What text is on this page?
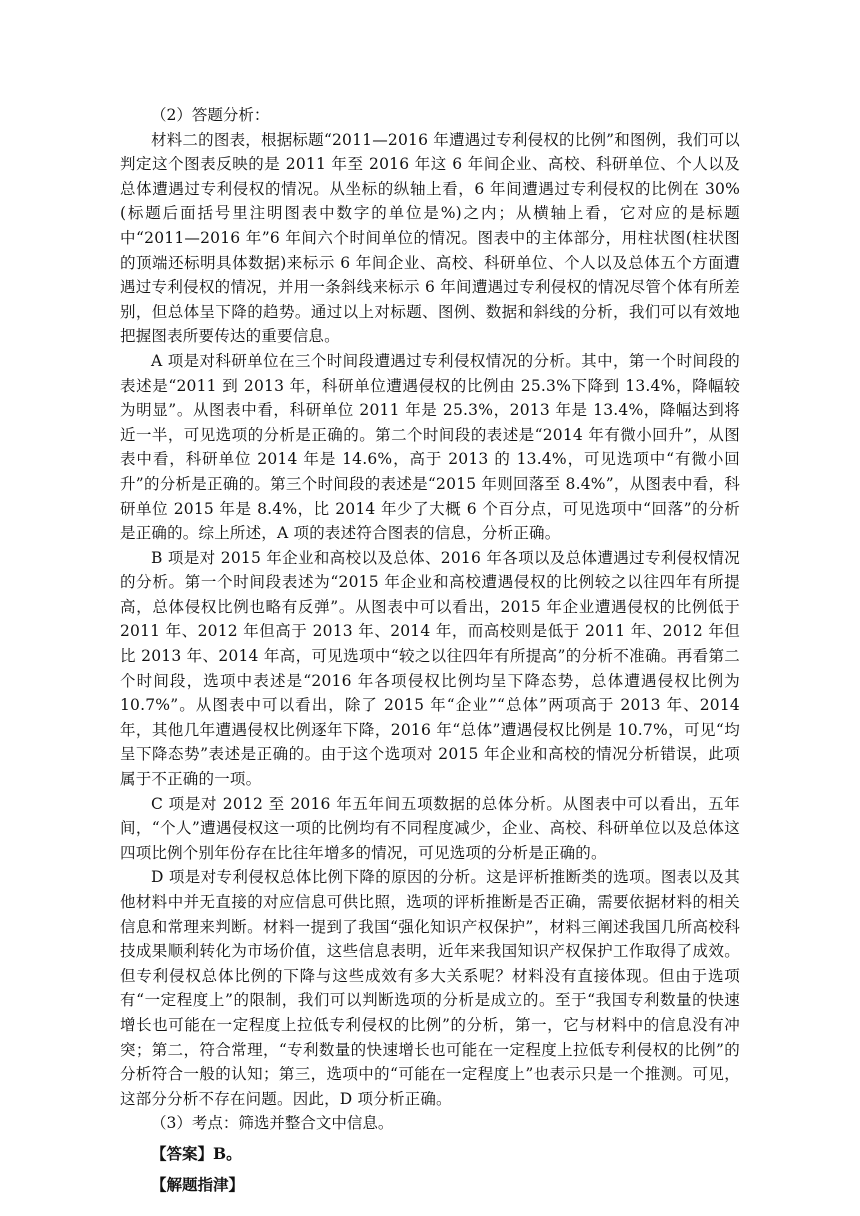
（2）答题分析：

材料二的图表，根据标题“2011—2016 年遭遇过专利侵权的比例”和图例，我们可以判定这个图表反映的是 2011 年至 2016 年这 6 年间企业、高校、科研单位、个人以及总体遭遇过专利侵权的情况。从坐标的纵轴上看，6 年间遭遇过专利侵权的比例在 30%(标题后面括号里注明图表中数字的单位是%)之内；从横轴上看，它对应的是标题中“2011—2016 年”6 年间六个时间单位的情况。图表中的主体部分，用柱状图(柱状图的顶端还标明具体数据)来标示 6 年间企业、高校、科研单位、个人以及总体五个方面遭遇过专利侵权的情况，并用一条斜线来标示 6 年间遭遇过专利侵权的情况尽管个体有所差别，但总体呈下降的趋势。通过以上对标题、图例、数据和斜线的分析，我们可以有效地把握图表所要传达的重要信息。

A 项是对科研单位在三个时间段遭遇过专利侵权情况的分析。其中，第一个时间段的表述是“2011 到 2013 年，科研单位遭遇侵权的比例由 25.3%下降到 13.4%，降幅较为明显”。从图表中看，科研单位 2011 年是 25.3%，2013 年是 13.4%，降幅达到将近一半，可见选项的分析是正确的。第二个时间段的表述是“2014 年有微小回升”，从图表中看，科研单位 2014 年是 14.6%，高于 2013 的 13.4%，可见选项中“有微小回升”的分析是正确的。第三个时间段的表述是“2015 年则回落至 8.4%”，从图表中看，科研单位 2015 年是 8.4%，比 2014 年少了大概 6 个百分点，可见选项中“回落”的分析是正确的。综上所述，A 项的表述符合图表的信息，分析正确。

B 项是对 2015 年企业和高校以及总体、2016 年各项以及总体遭遇过专利侵权情况的分析。第一个时间段表述为“2015 年企业和高校遭遇侵权的比例较之以往四年有所提高，总体侵权比例也略有反弹”。从图表中可以看出，2015 年企业遭遇侵权的比例低于 2011 年、2012 年但高于 2013 年、2014 年，而高校则是低于 2011 年、2012 年但比 2013 年、2014 年高，可见选项中“较之以往四年有所提高”的分析不准确。再看第二个时间段，选项中表述是“2016 年各项侵权比例均呈下降态势，总体遭遇侵权比例为 10.7%”。从图表中可以看出，除了 2015 年“企业”“总体”两项高于 2013 年、2014 年，其他几年遭遇侵权比例逐年下降，2016 年“总体”遭遇侵权比例是 10.7%，可见“均呈下降态势”表述是正确的。由于这个选项对 2015 年企业和高校的情况分析错误，此项属于不正确的一项。

C 项是对 2012 至 2016 年五年间五项数据的总体分析。从图表中可以看出，五年间，“个人”遭遇侵权这一项的比例均有不同程度减少，企业、高校、科研单位以及总体这四项比例个别年份存在比往年增多的情况，可见选项的分析是正确的。

D 项是对专利侵权总体比例下降的原因的分析。这是评析推断类的选项。图表以及其他材料中并无直接的对应信息可供比照，选项的评析推断是否正确，需要依据材料的相关信息和常理来判断。材料一提到了我国“强化知识产权保护”，材料三阐述我国几所高校科技成果顺利转化为市场价值，这些信息表明，近年来我国知识产权保护工作取得了成效。但专利侵权总体比例的下降与这些成效有多大关系呢？材料没有直接体现。但由于选项有“一定程度上”的限制，我们可以判断选项的分析是成立的。至于“我国专利数量的快速增长也可能在一定程度上拉低专利侵权的比例”的分析，第一，它与材料中的信息没有冲突；第二，符合常理，“专利数量的快速增长也可能在一定程度上拉低专利侵权的比例”的分析符合一般的认知；第三，选项中的“可能在一定程度上”也表示只是一个推测。可见，这部分分析不存在问题。因此，D 项分析正确。

（3）考点：筛选并整合文中信息。

【答案】B。

【解题指津】
